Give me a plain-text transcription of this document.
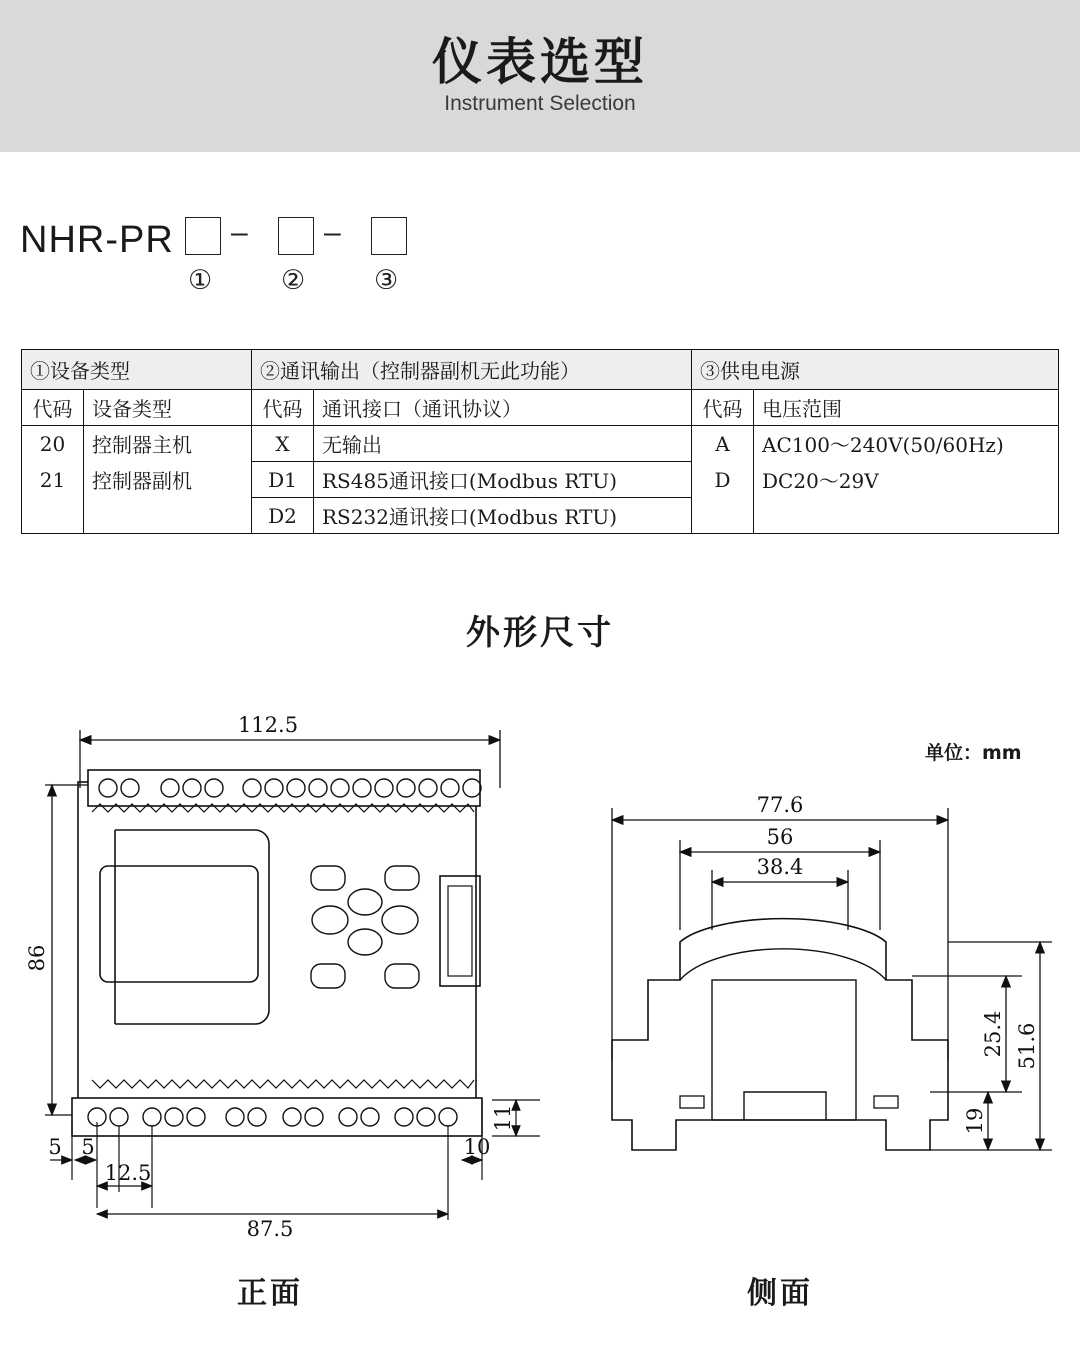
仪表选型
Instrument Selection
NHR-PR –	–
①	②	③
①设备类型		②通讯输出（控制器副机无此功能）		③供电电源	
代码	设备类型	代码	通讯接口（通讯协议）	代码	电压范围
20	控制器主机	X	无输出	A	AC100～240V(50/60Hz)
21	控制器副机	D1	RS485通讯接口(Modbus RTU)	D	DC20～29V
		D2	RS232通讯接口(Modbus RTU)		
外形尺寸
单位：mm
112.5
87.5
12.5
5 5	10
86
11
77.6
56
38.4
25.4 51.6
19
正面	侧面
